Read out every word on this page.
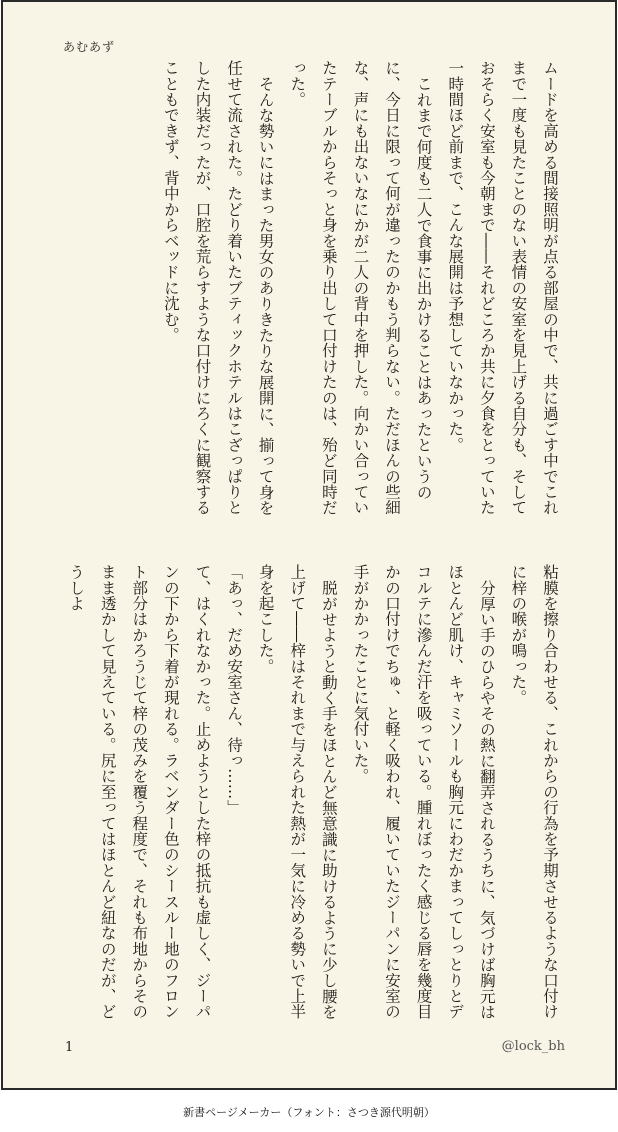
あむあず

ムードを高める間接照明が点る部屋の中で、共に過ごす中でこれまで一度も見たことのない表情の安室を見上げる自分も、そしておそらく安室も今朝まで――それどころか共に夕食をとっていた一時間ほど前まで、こんな展開は予想していなかった。

これまで何度も二人で食事に出かけることはあったというのに、今日に限って何が違ったのかもう判らない。ただほんの些細な、声にも出ないなにかが二人の背中を押した。向かい合っていたテーブルからそっと身を乗り出して口付けたのは、殆ど同時だった。

そんな勢いにはまった男女のありきたりな展開に、揃って身を任せて流された。たどり着いたブティックホテルはこざっぱりとした内装だったが、口腔を荒らすような口付けにろくに観察することもできず、背中からベッドに沈む。

粘膜を擦り合わせる、これからの行為を予期させるような口付けに梓の喉が鳴った。

分厚い手のひらやその熱に翻弄されるうちに、気づけば胸元はほとんど肌け、キャミソールも胸元にわだかまってしっとりとデコルテに滲んだ汗を吸っている。腫れぼったく感じる唇を幾度目かの口付けでちゅ、と軽く吸われ、履いていたジーパンに安室の手がかかったことに気付いた。

脱がせようと動く手をほとんど無意識に助けるように少し腰を上げて――梓はそれまで与えられた熱が一気に冷める勢いで上半身を起こした。

「あっ、だめ安室さん、待っ……」

て、はくれなかった。止めようとした梓の抵抗も虚しく、ジーパンの下から下着が現れる。ラベンダー色のシースルー地のフロント部分はかろうじて梓の茂みを覆う程度で、それも布地からそのまま透かして見えている。尻に至ってはほとんど紐なのだが、どうしよ

1	@lock_bh
新書ページメーカー（フォント：さつき源代明朝）
